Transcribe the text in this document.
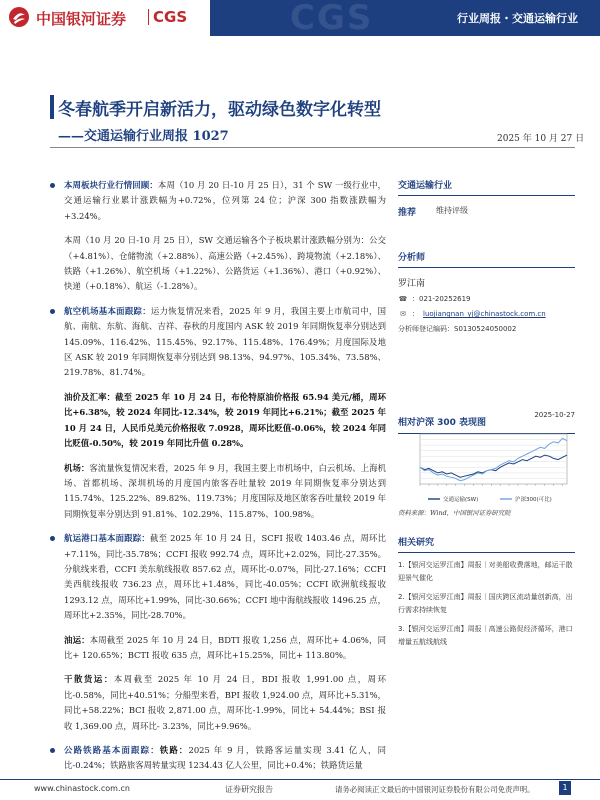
中国银河证券 CGS	CGS	行业周报・交通运输行业
冬春航季开启新活力，驱动绿色数字化转型
——交通运输行业周报 1027	2025 年 10 月 27 日
本周板块行业行情回顾：本周（10 月 20 日-10 月 25 日），31 个 SW 一级行业中，交通运输行业累计涨跌幅为+0.72%，位列第 24 位；沪深 300 指数涨跌幅为+3.24%。
本周（10 月 20 日-10 月 25 日），SW 交通运输各个子板块累计涨跌幅分别为：公交（+4.81%）、仓储物流（+2.88%）、高速公路（+2.45%）、跨境物流（+2.18%）、铁路（+1.26%）、航空机场（+1.22%）、公路货运（+1.36%）、港口（+0.92%）、快递（+0.18%）、航运（-1.28%）。
航空机场基本面跟踪：运力恢复情况来看，2025 年 9 月，我国主要上市航司中，国航、南航、东航、海航、吉祥、春秋的月度国内 ASK 较 2019 年同期恢复率分别达到 145.09%、116.42%、115.45%、92.17%、115.48%、176.49%；月度国际及地区 ASK 较 2019 年同期恢复率分别达到 98.13%、94.97%、105.34%、73.58%、219.78%、81.74%。
油价及汇率：截至 2025 年 10 月 24 日，布伦特原油价格报 65.94 美元/桶，周环比+6.38%，较 2024 年同比-12.34%，较 2019 年同比+6.21%；截至 2025 年 10 月 24 日，人民币兑美元价格报收 7.0928，周环比贬值-0.06%，较 2024 年同比贬值-0.50%，较 2019 年同比升值 0.28%。
机场：客流量恢复情况来看，2025 年 9 月，我国主要上市机场中，白云机场、上海机场、首都机场、深圳机场的月度国内旅客吞吐量较 2019 年同期恢复率分别达到 115.74%、125.22%、89.82%、119.73%；月度国际及地区旅客吞吐量较 2019 年同期恢复率分别达到 91.81%、102.29%、115.87%、100.98%。
航运港口基本面跟踪：截至 2025 年 10 月 24 日，SCFI 报收 1403.46 点，周环比+7.11%，同比-35.78%；CCFI 报收 992.74 点，周环比+2.02%，同比-27.35%。分航线来看，CCFI 美东航线报收 857.62 点，周环比-0.07%，同比-27.16%；CCFI 美西航线报收 736.23 点，周环比+1.48%，同比-40.05%；CCFI 欧洲航线报收 1293.12 点，周环比+1.99%，同比-30.66%；CCFI 地中海航线报收 1496.25 点，周环比+2.35%，同比-28.70%。
油运：本周截至 2025 年 10 月 24 日，BDTI 报收 1,256 点，周环比+ 4.06%，同比+ 120.65%；BCTI 报收 635 点，周环比+15.25%，同比+ 113.80%。
干散货运：本周截至 2025 年 10 月 24 日，BDI 报收 1,991.00 点，周环比-0.58%，同比+40.51%；分船型来看，BPI 报收 1,924.00 点，周环比+5.31%，同比+58.22%；BCI 报收 2,871.00 点，周环比-1.99%，同比+ 54.44%；BSI 报收 1,369.00 点，周环比- 3.23%，同比+9.96%。
公路铁路基本面跟踪：铁路：2025 年 9 月，铁路客运量实现 3.41 亿人，同比-0.24%；铁路旅客周转量实现 1234.43 亿人公里，同比+0.4%；铁路货运量
交通运输行业
推荐	维持评级
分析师
罗江南
☎ ：021-20252619
✉ ： luojiangnan_yj@chinastock.com.cn
分析师登记编码：S0130524050002
相对沪深 300 表现图
2025-10-27
交通运输(SW)	沪深300(可比)
资料来源：Wind，中国银河证券研究院
相关研究
1.【银河交运罗江南】周报｜对美船收费落地，邮运干散迎景气催化
2.【银河交运罗江南】周报｜国庆跨区流动量创新高，出行需求持续恢复
3.【银河交运罗江南】周报｜高速公路促经济循环，港口增量五航线航线
www.chinastock.com.cn	证券研究报告	请务必阅读正文最后的中国银河证券股份有限公司免责声明。	1
